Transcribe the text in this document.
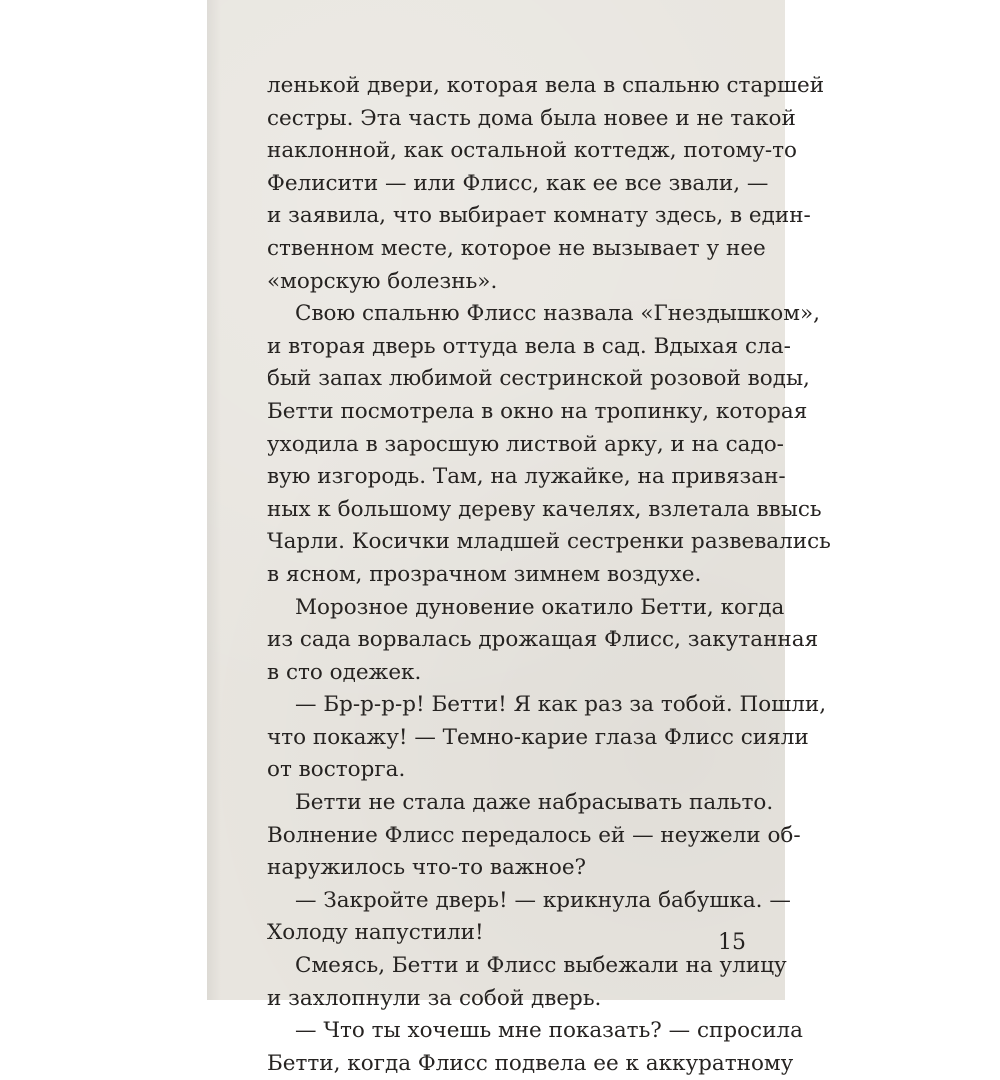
ленькой двери, которая вела в спальню старшей
сестры. Эта часть дома была новее и не такой
наклонной, как остальной коттедж, потому-то
Фелисити — или Флисс, как ее все звали, —
и заявила, что выбирает комнату здесь, в един-
ственном месте, которое не вызывает у нее
«морскую болезнь».
Свою спальню Флисс назвала «Гнездышком»,
и вторая дверь оттуда вела в сад. Вдыхая сла-
бый запах любимой сестринской розовой воды,
Бетти посмотрела в окно на тропинку, которая
уходила в заросшую листвой арку, и на садо-
вую изгородь. Там, на лужайке, на привязан-
ных к большому дереву качелях, взлетала ввысь
Чарли. Косички младшей сестренки развевались
в ясном, прозрачном зимнем воздухе.
Морозное дуновение окатило Бетти, когда
из сада ворвалась дрожащая Флисс, закутанная
в сто одежек.
— Бр-р-р-р! Бетти! Я как раз за тобой. Пошли,
что покажу! — Темно-карие глаза Флисс сияли
от восторга.
Бетти не стала даже набрасывать пальто.
Волнение Флисс передалось ей — неужели об-
наружилось что-то важное?
— Закройте дверь! — крикнула бабушка. —
Холоду напустили!
Смеясь, Бетти и Флисс выбежали на улицу
и захлопнули за собой дверь.
— Что ты хочешь мне показать? — спросила
Бетти, когда Флисс подвела ее к аккуратному
15
